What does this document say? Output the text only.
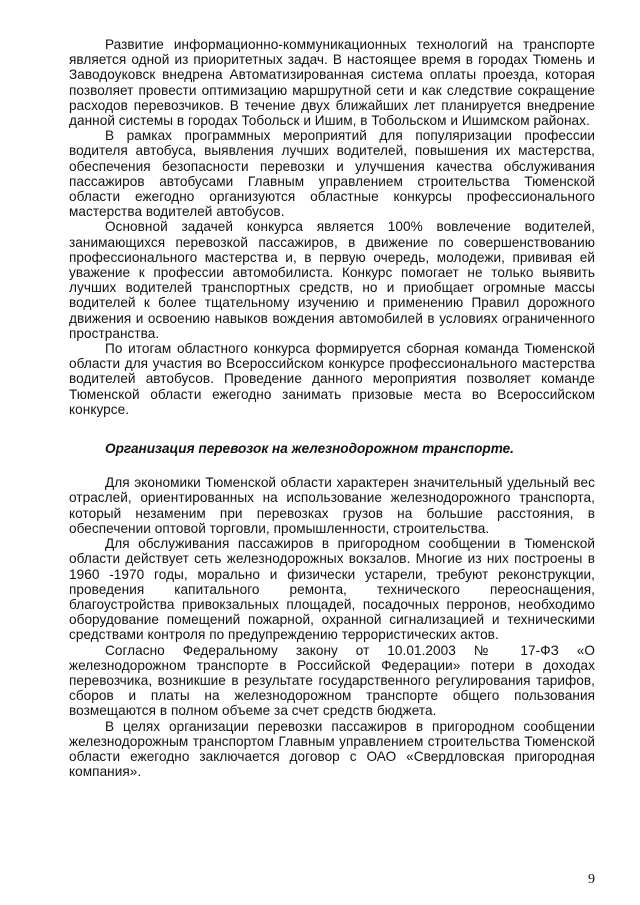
Развитие информационно-коммуникационных технологий на транспорте является одной из приоритетных задач. В настоящее время в городах Тюмень и Заводоуковск внедрена Автоматизированная система оплаты проезда, которая позволяет провести оптимизацию маршрутной сети и как следствие сокращение расходов перевозчиков. В течение двух ближайших лет планируется внедрение данной системы в городах Тобольск и Ишим, в Тобольском и Ишимском районах.

В рамках программных мероприятий для популяризации профессии водителя автобуса, выявления лучших водителей, повышения их мастерства, обеспечения безопасности перевозки и улучшения качества обслуживания пассажиров автобусами Главным управлением строительства Тюменской области ежегодно организуются областные конкурсы профессионального мастерства водителей автобусов.

Основной задачей конкурса является 100% вовлечение водителей, занимающихся перевозкой пассажиров, в движение по совершенствованию профессионального мастерства и, в первую очередь, молодежи, прививая ей уважение к профессии автомобилиста. Конкурс помогает не только выявить лучших водителей транспортных средств, но и приобщает огромные массы водителей к более тщательному изучению и применению Правил дорожного движения и освоению навыков вождения автомобилей в условиях ограниченного пространства.

По итогам областного конкурса формируется сборная команда Тюменской области для участия во Всероссийском конкурсе профессионального мастерства водителей автобусов. Проведение данного мероприятия позволяет команде Тюменской области ежегодно занимать призовые места во Всероссийском конкурсе.

Организация перевозок на железнодорожном транспорте.

Для экономики Тюменской области характерен значительный удельный вес отраслей, ориентированных на использование железнодорожного транспорта, который незаменим при перевозках грузов на большие расстояния, в обеспечении оптовой торговли, промышленности, строительства.

Для обслуживания пассажиров в пригородном сообщении в Тюменской области действует сеть железнодорожных вокзалов. Многие из них построены в 1960 -1970 годы, морально и физически устарели, требуют реконструкции, проведения капитального ремонта, технического переоснащения, благоустройства привокзальных площадей, посадочных перронов, необходимо оборудование помещений пожарной, охранной сигнализацией и техническими средствами контроля по предупреждению террористических актов.

Согласно Федеральному закону от 10.01.2003 № 17-ФЗ «О железнодорожном транспорте в Российской Федерации» потери в доходах перевозчика, возникшие в результате государственного регулирования тарифов, сборов и платы на железнодорожном транспорте общего пользования возмещаются в полном объеме за счет средств бюджета.

В целях организации перевозки пассажиров в пригородном сообщении железнодорожным транспортом Главным управлением строительства Тюменской области ежегодно заключается договор с ОАО «Свердловская пригородная компания».

9
